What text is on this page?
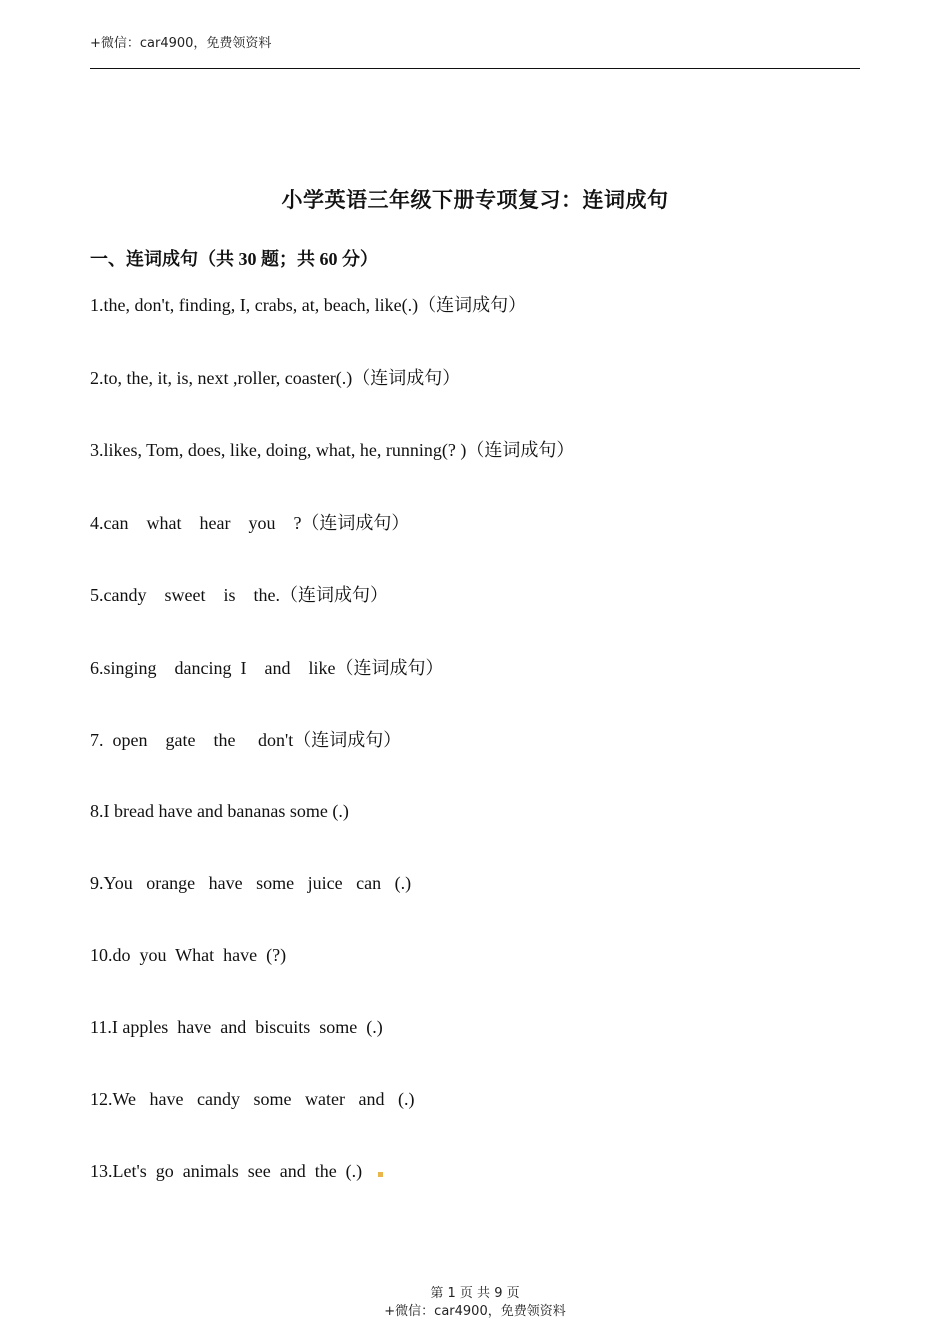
+微信：car4900，免费领资料
小学英语三年级下册专项复习：连词成句
一、连词成句（共 30 题；共 60 分）
1.the, don't, finding, I, crabs, at, beach, like(.)（连词成句）
2.to, the, it, is, next ,roller, coaster(.)（连词成句）
3.likes, Tom, does, like, doing, what, he, running(? )（连词成句）
4.can    what    hear    you    ?（连词成句）
5.candy    sweet    is    the.（连词成句）
6.singing    dancing  I    and    like（连词成句）
7.  open    gate    the     don't（连词成句）
8.I bread have and bananas some (.)
9.You   orange   have   some   juice   can   (.)
10.do  you  What  have  (?)
11.I apples  have  and  biscuits  some  (.)
12.We   have   candy   some   water   and   (.)
13.Let's  go  animals  see  and  the  (.)
第 1 页 共 9 页
+微信：car4900，免费领资料
